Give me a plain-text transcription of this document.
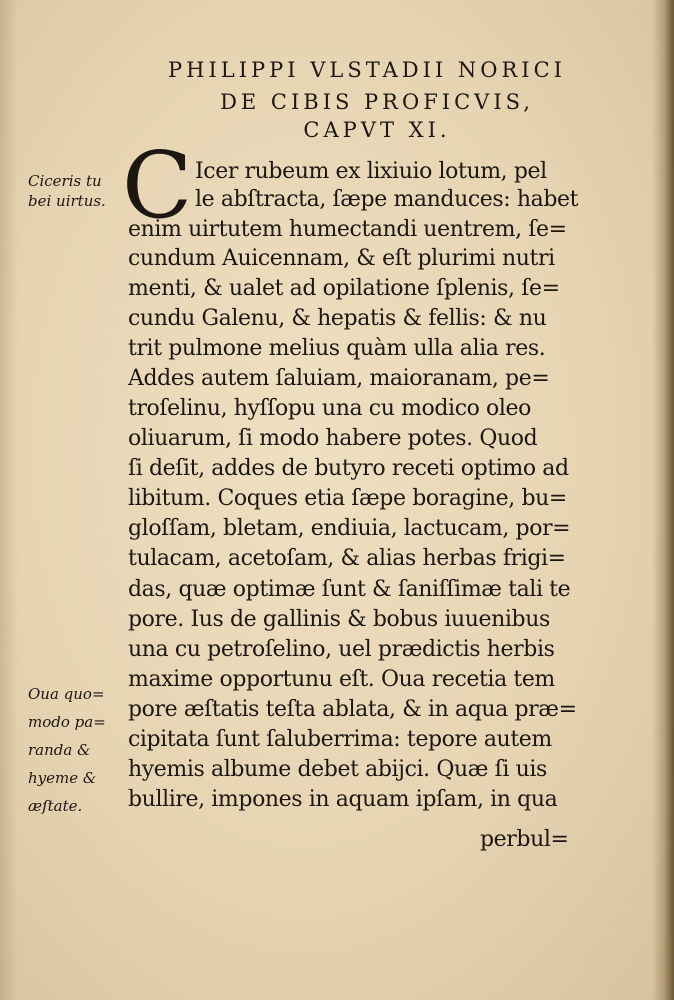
PHILIPPI VLSTADII NORICI
DE CIBIS PROFICVIS,
CAPVT XI.
C Icer rubeum ex lixiuio lotum, pel
le abſtracta, ſæpe manduces: habet
enim uirtutem humectandi uentrem, ſe=
cundum Auicennam, & eſt plurimi nutri
menti, & ualet ad opilatione ſplenis, ſe=
cundu Galenu, & hepatis & fellis: & nu
trit pulmone melius quàm ulla alia res.
Addes autem ſaluiam, maioranam, pe=
troſelinu, hyſſopu una cu modico oleo
oliuarum, ſi modo habere potes. Quod
ſi deſit, addes de butyro receti optimo ad
libitum. Coques etia ſæpe boragine, bu=
gloſſam, bletam, endiuia, lactucam, por=
tulacam, acetoſam, & alias herbas frigi=
das, quæ optimæ ſunt & ſaniſſimæ tali te
pore. Ius de gallinis & bobus iuuenibus
una cu petroſelino, uel prædictis herbis
maxime opportunu eſt. Oua recetia tem
pore æſtatis teſta ablata, & in aqua præ=
cipitata ſunt ſaluberrima: tepore autem
hyemis albume debet abijci. Quæ ſi uis
bullire, impones in aquam ipſam, in qua
perbul=
Ciceris tu
bei uirtus.
Oua quo=
modo pa=
randa &
hyeme &
æſtate.
